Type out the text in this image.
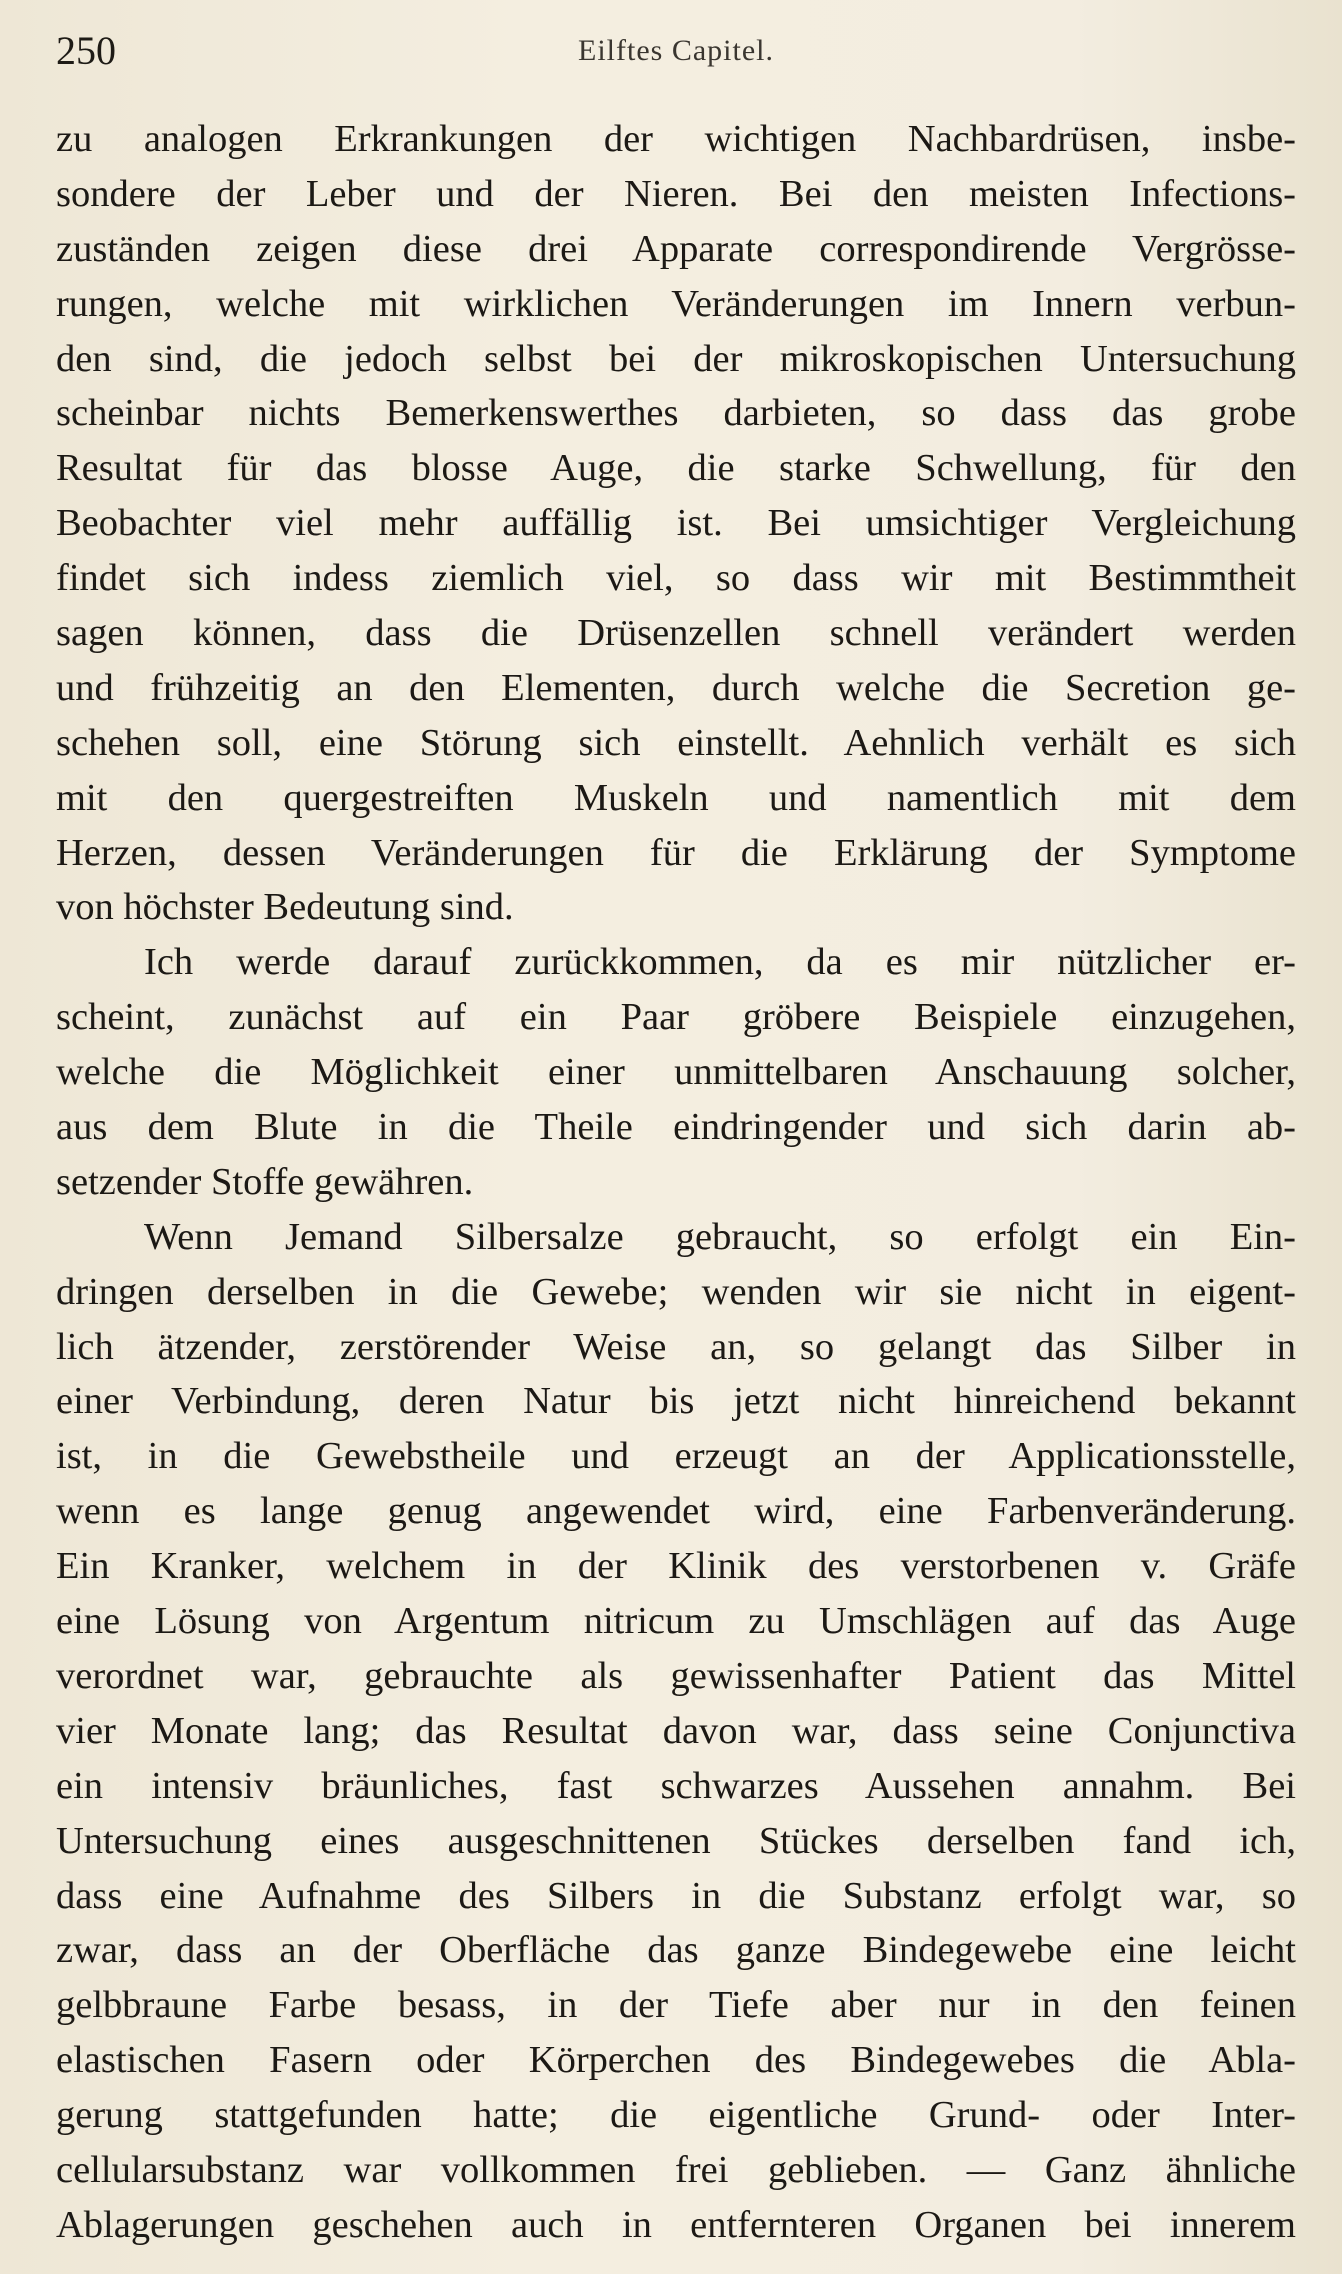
250	Eilftes Capitel.
zu analogen Erkrankungen der wichtigen Nachbardrüsen, insbe-
sondere der Leber und der Nieren. Bei den meisten Infections-
zuständen zeigen diese drei Apparate correspondirende Vergrösse-
rungen, welche mit wirklichen Veränderungen im Innern verbun-
den sind, die jedoch selbst bei der mikroskopischen Untersuchung
scheinbar nichts Bemerkenswerthes darbieten, so dass das grobe
Resultat für das blosse Auge, die starke Schwellung, für den
Beobachter viel mehr auffällig ist. Bei umsichtiger Vergleichung
findet sich indess ziemlich viel, so dass wir mit Bestimmtheit
sagen können, dass die Drüsenzellen schnell verändert werden
und frühzeitig an den Elementen, durch welche die Secretion ge-
schehen soll, eine Störung sich einstellt. Aehnlich verhält es sich
mit den quergestreiften Muskeln und namentlich mit dem
Herzen, dessen Veränderungen für die Erklärung der Symptome
von höchster Bedeutung sind.
Ich werde darauf zurückkommen, da es mir nützlicher er-
scheint, zunächst auf ein Paar gröbere Beispiele einzugehen,
welche die Möglichkeit einer unmittelbaren Anschauung solcher,
aus dem Blute in die Theile eindringender und sich darin ab-
setzender Stoffe gewähren.
Wenn Jemand Silbersalze gebraucht, so erfolgt ein Ein-
dringen derselben in die Gewebe; wenden wir sie nicht in eigent-
lich ätzender, zerstörender Weise an, so gelangt das Silber in
einer Verbindung, deren Natur bis jetzt nicht hinreichend bekannt
ist, in die Gewebstheile und erzeugt an der Applicationsstelle,
wenn es lange genug angewendet wird, eine Farbenveränderung.
Ein Kranker, welchem in der Klinik des verstorbenen v. Gräfe
eine Lösung von Argentum nitricum zu Umschlägen auf das Auge
verordnet war, gebrauchte als gewissenhafter Patient das Mittel
vier Monate lang; das Resultat davon war, dass seine Conjunctiva
ein intensiv bräunliches, fast schwarzes Aussehen annahm. Bei
Untersuchung eines ausgeschnittenen Stückes derselben fand ich,
dass eine Aufnahme des Silbers in die Substanz erfolgt war, so
zwar, dass an der Oberfläche das ganze Bindegewebe eine leicht
gelbbraune Farbe besass, in der Tiefe aber nur in den feinen
elastischen Fasern oder Körperchen des Bindegewebes die Abla-
gerung stattgefunden hatte; die eigentliche Grund- oder Inter-
cellularsubstanz war vollkommen frei geblieben. — Ganz ähnliche
Ablagerungen geschehen auch in entfernteren Organen bei innerem
